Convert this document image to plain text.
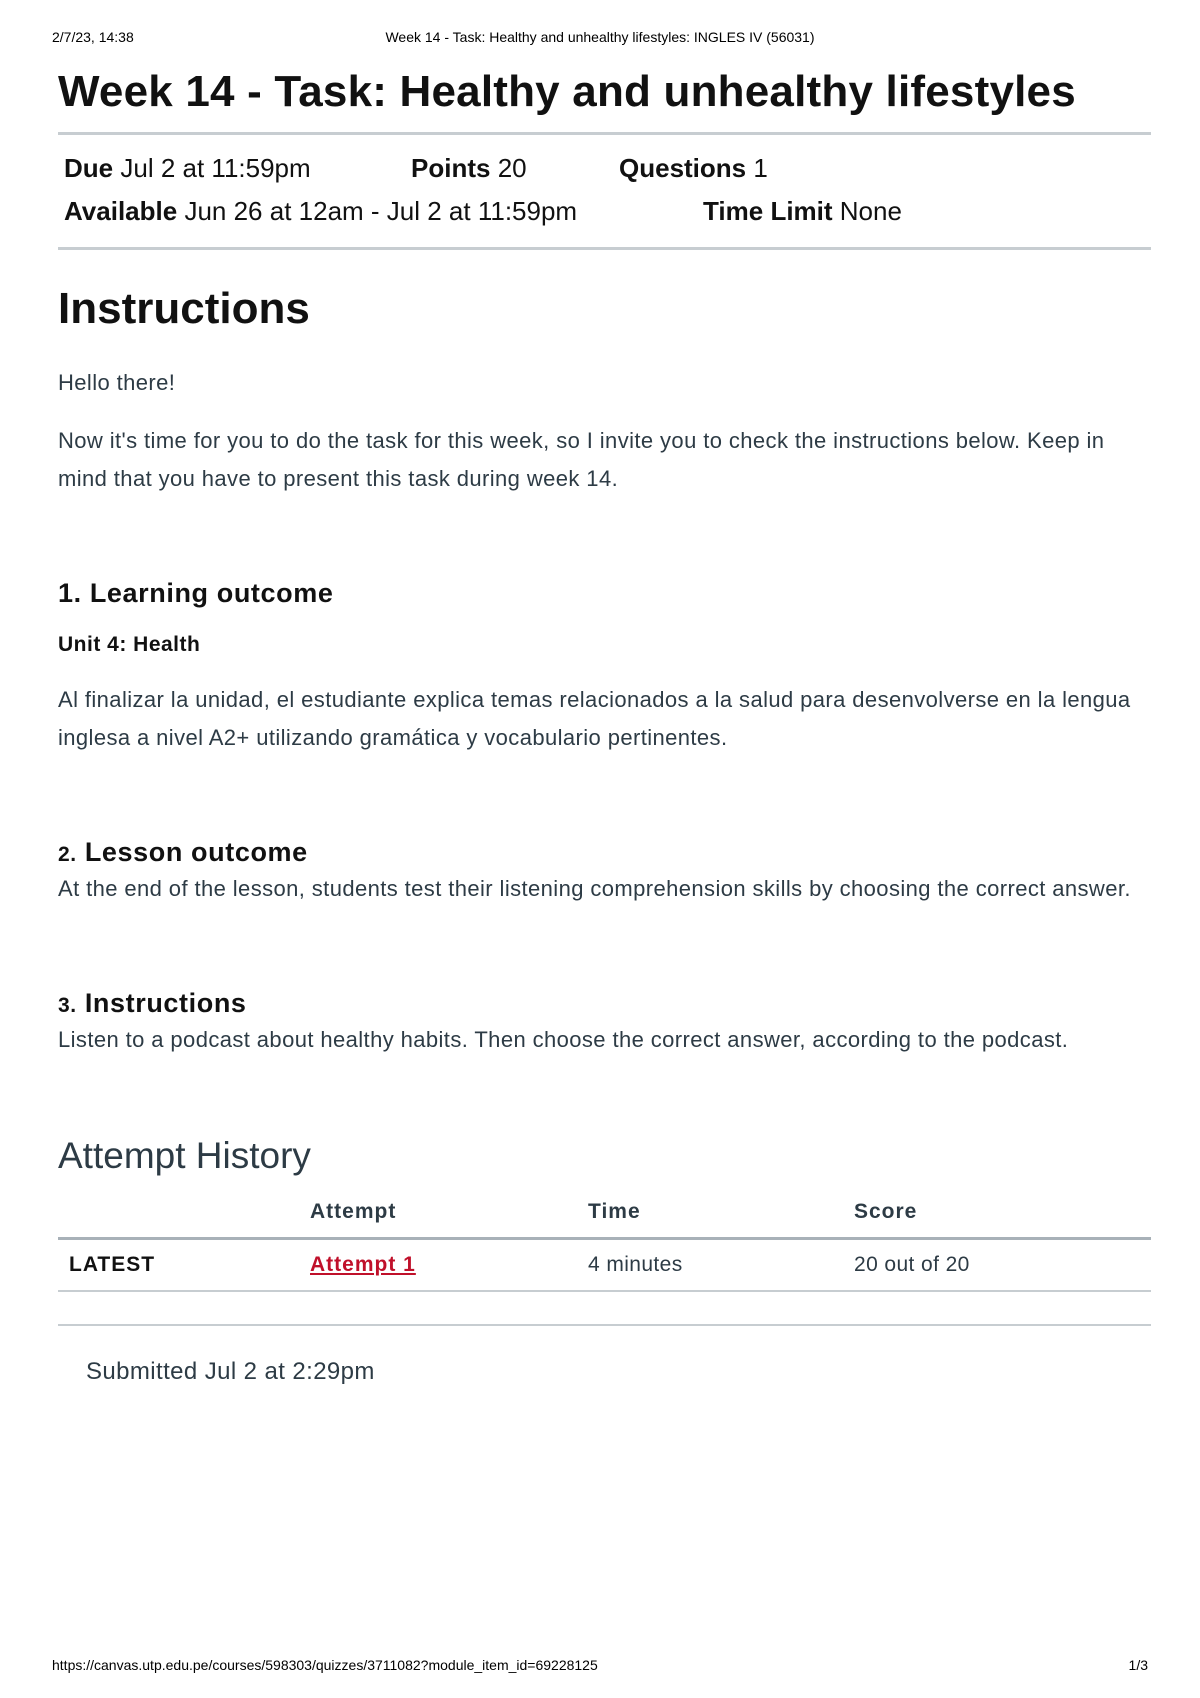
2/7/23, 14:38	Week 14 - Task: Healthy and unhealthy lifestyles: INGLES IV (56031)
Week 14 - Task: Healthy and unhealthy lifestyles
Due Jul 2 at 11:59pm	Points 20	Questions 1
Available Jun 26 at 12am - Jul 2 at 11:59pm	Time Limit None
Instructions

Hello there!

Now it's time for you to do the task for this week, so I invite you to check the instructions below. Keep in mind that you have to present this task during week 14.

1. Learning outcome
Unit 4: Health

Al finalizar la unidad, el estudiante explica temas relacionados a la salud para desenvolverse en la lengua inglesa a nivel A2+ utilizando gramática y vocabulario pertinentes.

2. Lesson outcome

At the end of the lesson, students test their listening comprehension skills by choosing the correct answer.

3. Instructions

Listen to a podcast about healthy habits. Then choose the correct answer, according to the podcast.

Attempt History
	Attempt	Time	Score
LATEST	Attempt 1	4 minutes	20 out of 20
Submitted Jul 2 at 2:29pm
https://canvas.utp.edu.pe/courses/598303/quizzes/3711082?module_item_id=69228125	1/3
